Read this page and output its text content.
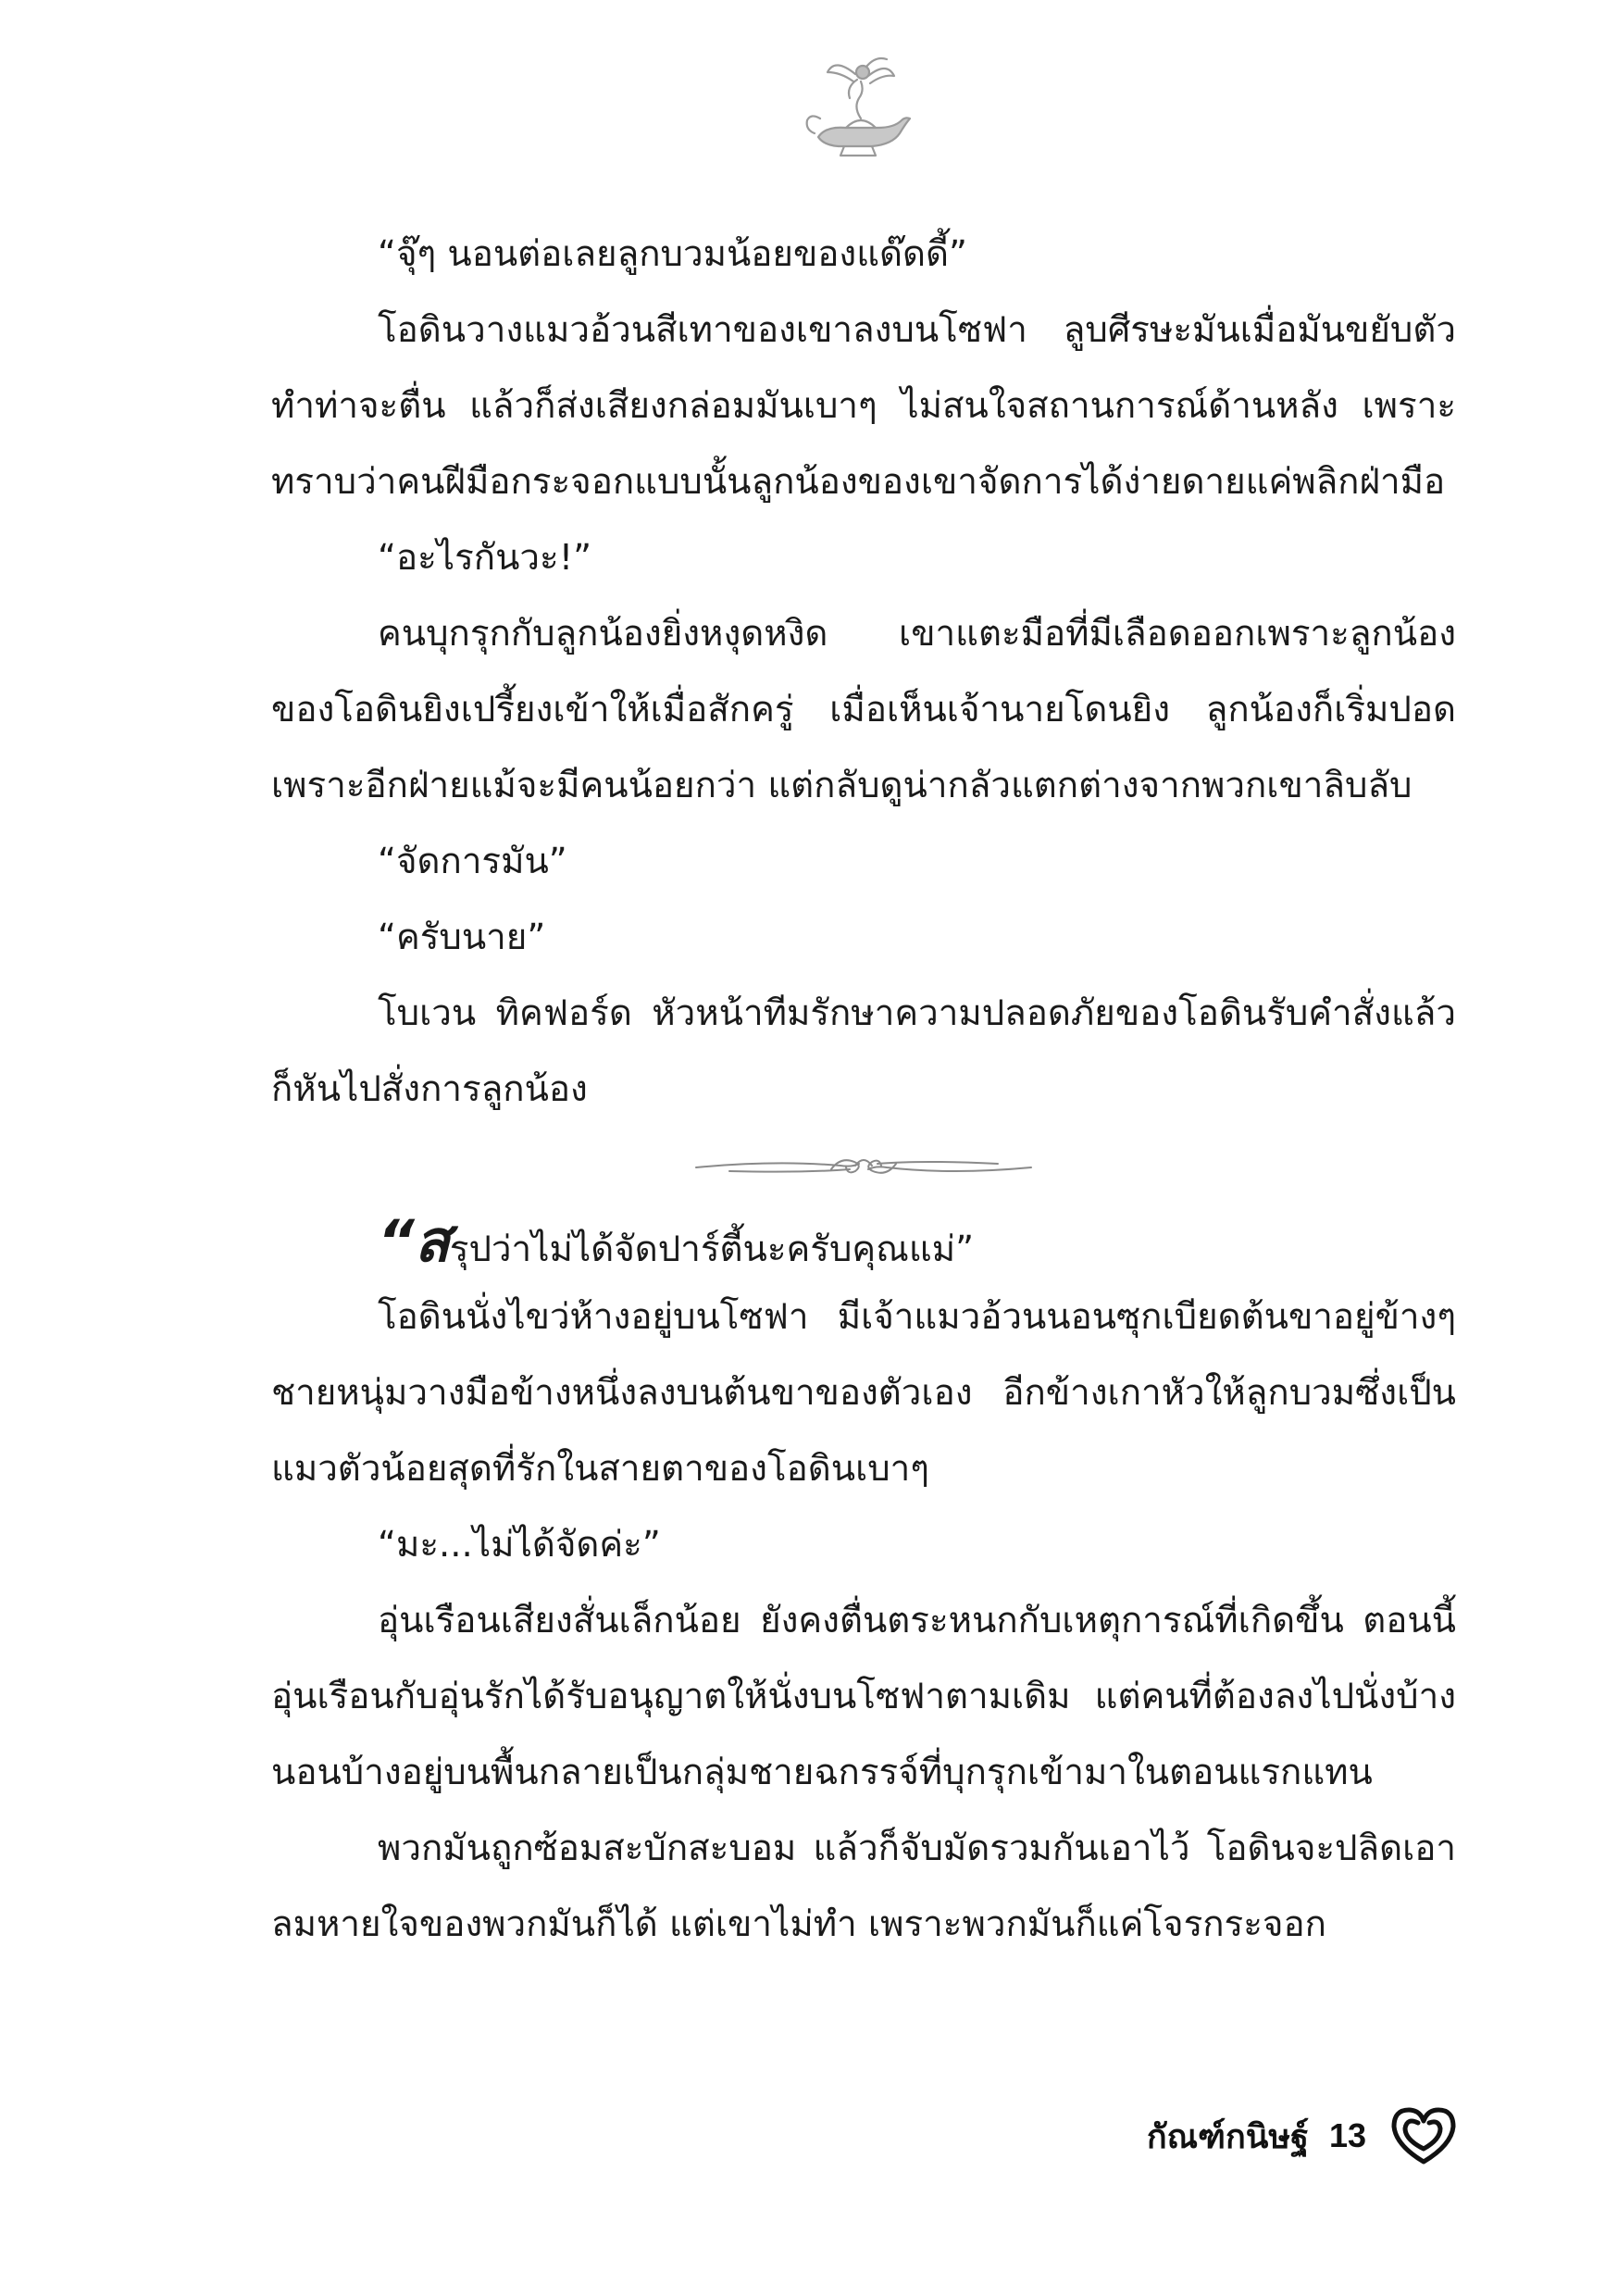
“จุ๊ๆ นอนต่อเลยลูกบวมน้อยของแด๊ดดี้”

โอดินวางแมวอ้วนสีเทาของเขาลงบนโซฟา ลูบศีรษะมันเมื่อมันขยับตัวทำท่าจะตื่น แล้วก็ส่งเสียงกล่อมมันเบาๆ ไม่สนใจสถานการณ์ด้านหลัง เพราะทราบว่าคนฝีมือกระจอกแบบนั้นลูกน้องของเขาจัดการได้ง่ายดายแค่พลิกฝ่ามือ

“อะไรกันวะ!”

คนบุกรุกกับลูกน้องยิ่งหงุดหงิด เขาแตะมือที่มีเลือดออกเพราะลูกน้องของโอดินยิงเปรี้ยงเข้าให้เมื่อสักครู่ เมื่อเห็นเจ้านายโดนยิง ลูกน้องก็เริ่มปอด เพราะอีกฝ่ายแม้จะมีคนน้อยกว่า แต่กลับดูน่ากลัวแตกต่างจากพวกเขาลิบลับ

“จัดการมัน”

“ครับนาย”

โบเวน ทิคฟอร์ด หัวหน้าทีมรักษาความปลอดภัยของโอดินรับคำสั่งแล้วก็หันไปสั่งการลูกน้อง

“สรุปว่าไม่ได้จัดปาร์ตี้นะครับคุณแม่”

โอดินนั่งไขว่ห้างอยู่บนโซฟา มีเจ้าแมวอ้วนนอนซุกเบียดต้นขาอยู่ข้างๆ ชายหนุ่มวางมือข้างหนึ่งลงบนต้นขาของตัวเอง อีกข้างเกาหัวให้ลูกบวมซึ่งเป็นแมวตัวน้อยสุดที่รักในสายตาของโอดินเบาๆ

“มะ...ไม่ได้จัดค่ะ”

อุ่นเรือนเสียงสั่นเล็กน้อย ยังคงตื่นตระหนกกับเหตุการณ์ที่เกิดขึ้น ตอนนี้อุ่นเรือนกับอุ่นรักได้รับอนุญาตให้นั่งบนโซฟาตามเดิม แต่คนที่ต้องลงไปนั่งบ้างนอนบ้างอยู่บนพื้นกลายเป็นกลุ่มชายฉกรรจ์ที่บุกรุกเข้ามาในตอนแรกแทน

พวกมันถูกซ้อมสะบักสะบอม แล้วก็จับมัดรวมกันเอาไว้ โอดินจะปลิดเอาลมหายใจของพวกมันก็ได้ แต่เขาไม่ทำ เพราะพวกมันก็แค่โจรกระจอก

กัณฑ์กนิษฐ์ 13
